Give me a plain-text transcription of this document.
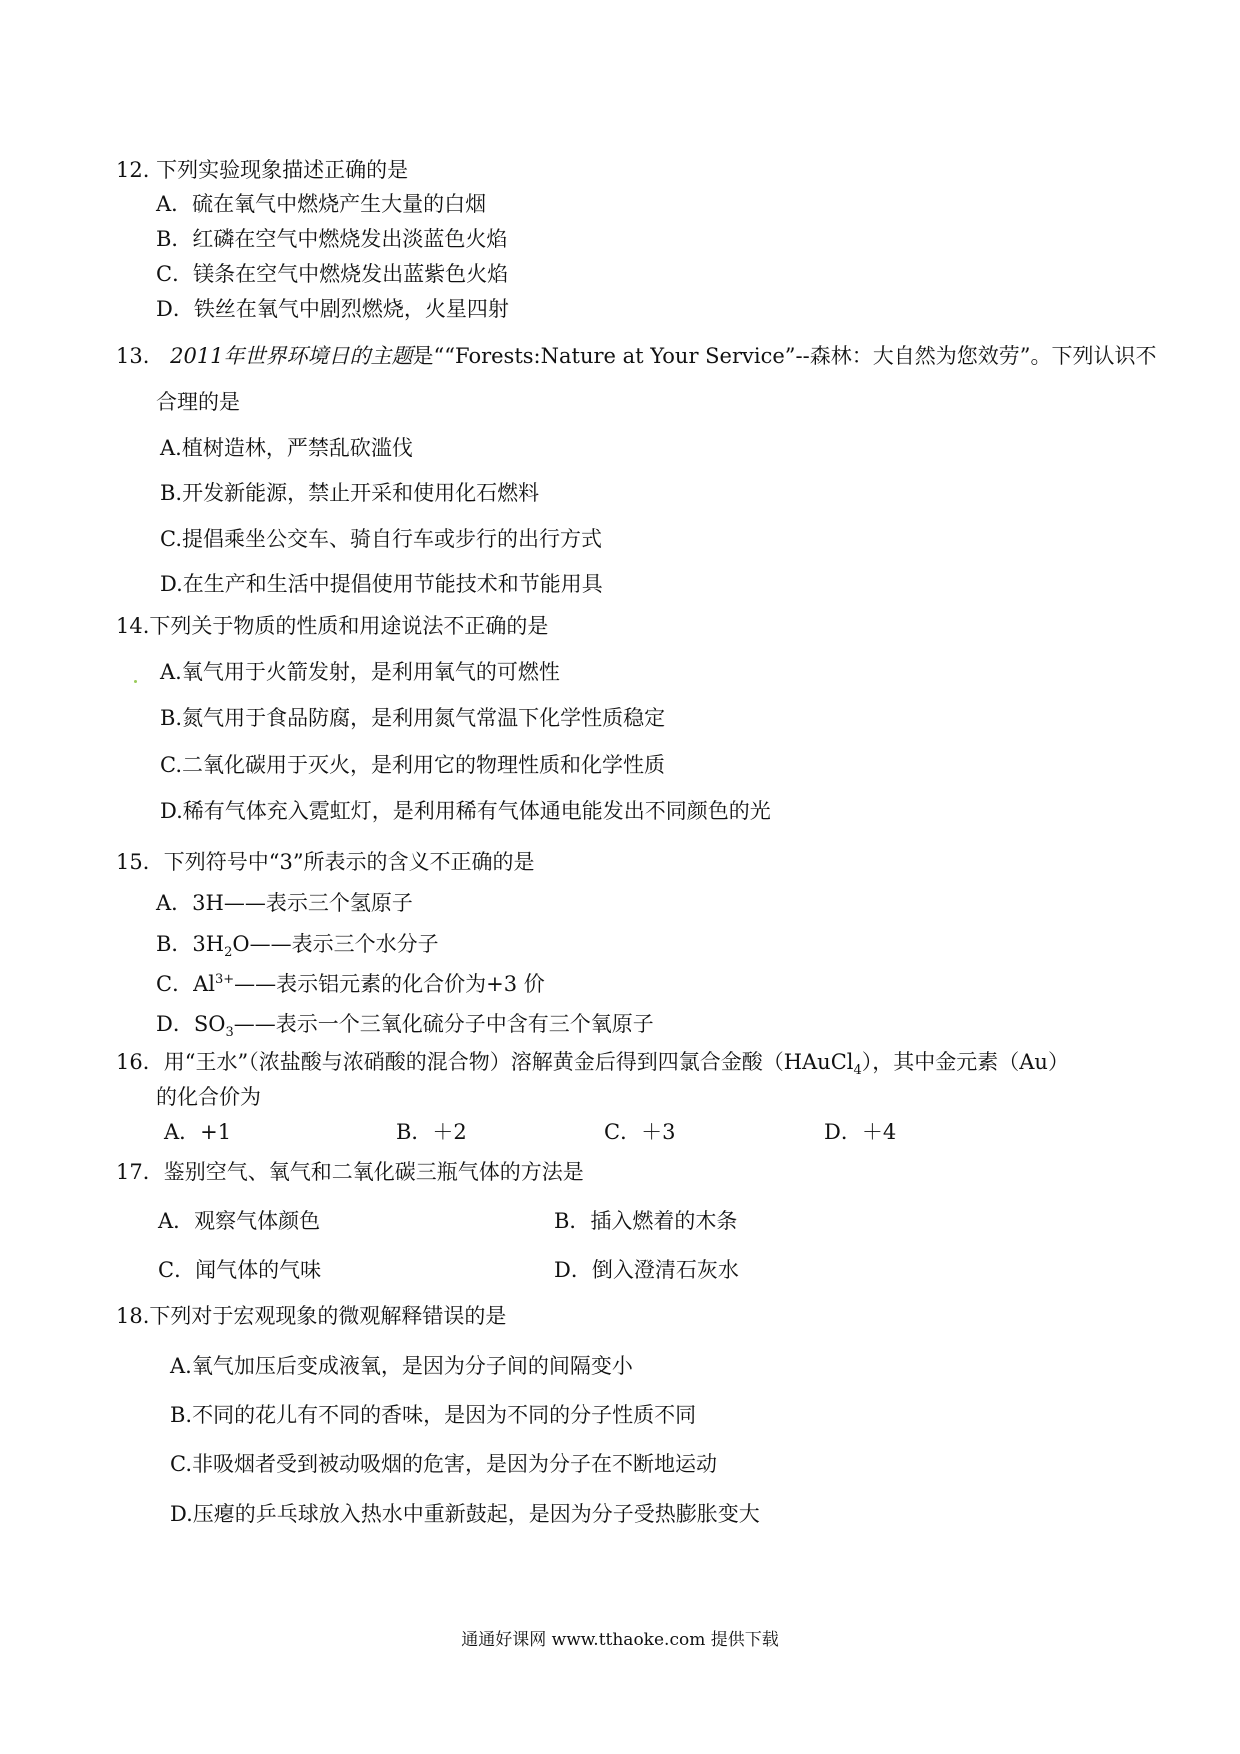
12. 下列实验现象描述正确的是
A．硫在氧气中燃烧产生大量的白烟
B．红磷在空气中燃烧发出淡蓝色火焰
C．镁条在空气中燃烧发出蓝紫色火焰
D．铁丝在氧气中剧烈燃烧，火星四射
13. 2011年世界环境日的主题是““Forests:Nature at Your Service”--森林：大自然为您效劳”。下列认识不
合理的是
A.植树造林，严禁乱砍滥伐
B.开发新能源，禁止开采和使用化石燃料
C.提倡乘坐公交车、骑自行车或步行的出行方式
D.在生产和生活中提倡使用节能技术和节能用具
14.下列关于物质的性质和用途说法不正确的是
A.氧气用于火箭发射，是利用氧气的可燃性
B.氮气用于食品防腐，是利用氮气常温下化学性质稳定
C.二氧化碳用于灭火，是利用它的物理性质和化学性质
D.稀有气体充入霓虹灯，是利用稀有气体通电能发出不同颜色的光
15．下列符号中“3”所表示的含义不正确的是
A．3H——表示三个氢原子
B．$3H_2O——$表示三个水分子
C．$Al^{3+}——$表示铝元素的化合价为+3 价
D．$SO_3——$表示一个三氧化硫分子中含有三个氧原子
16．用“王水”（浓盐酸与浓硝酸的混合物）溶解黄金后得到四氯合金酸（HAuCl$_4$），其中金元素（Au）
的化合价为
A．+1	B．＋2	C．＋3	D．＋4
17．鉴别空气、氧气和二氧化碳三瓶气体的方法是
A．观察气体颜色	B．插入燃着的木条
C．闻气体的气味	D．倒入澄清石灰水
18.下列对于宏观现象的微观解释错误的是
A.氧气加压后变成液氧，是因为分子间的间隔变小
B.不同的花儿有不同的香味，是因为不同的分子性质不同
C.非吸烟者受到被动吸烟的危害，是因为分子在不断地运动
D.压瘪的乒乓球放入热水中重新鼓起，是因为分子受热膨胀变大
通通好课网 www.tthaoke.com 提供下载
